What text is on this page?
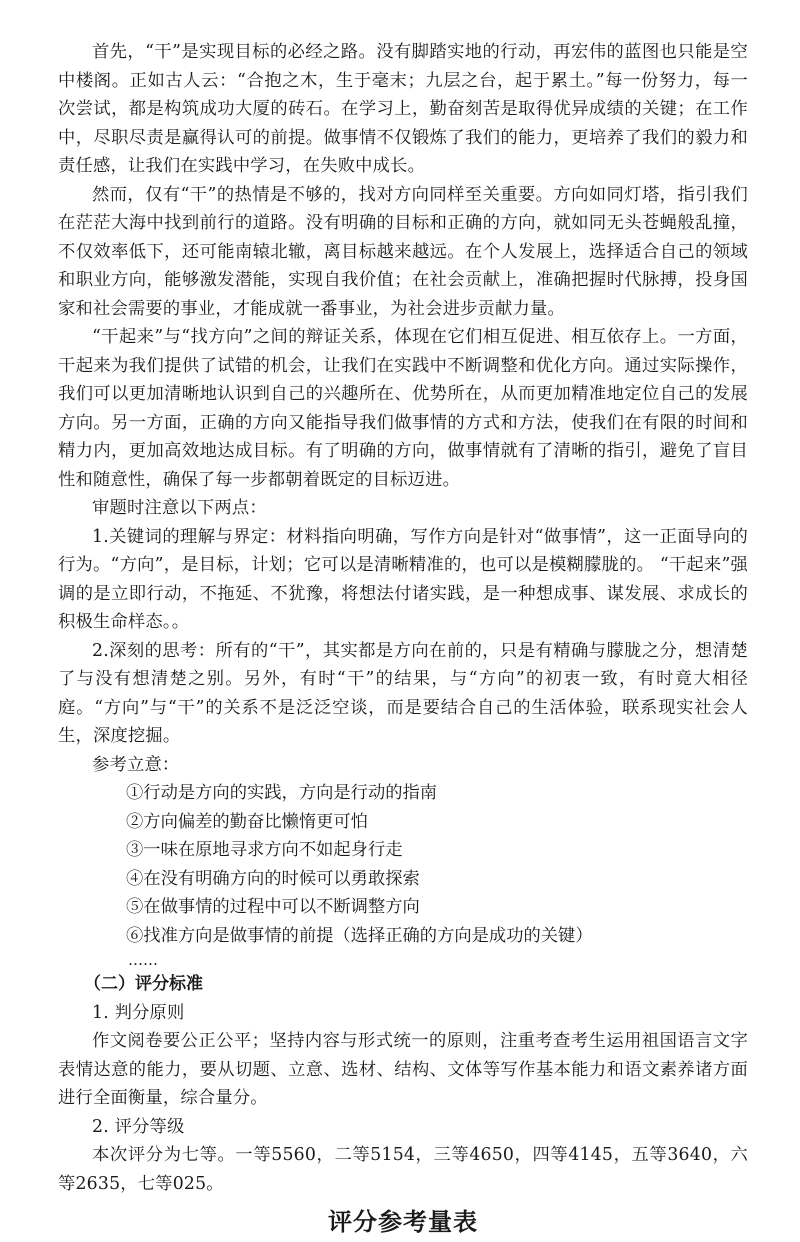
首先，“干”是实现目标的必经之路。没有脚踏实地的行动，再宏伟的蓝图也只能是空中楼阁。正如古人云：“合抱之木，生于毫末；九层之台，起于累土。”每一份努力，每一次尝试，都是构筑成功大厦的砖石。在学习上，勤奋刻苦是取得优异成绩的关键；在工作中，尽职尽责是赢得认可的前提。做事情不仅锻炼了我们的能力，更培养了我们的毅力和责任感，让我们在实践中学习，在失败中成长。

然而，仅有“干”的热情是不够的，找对方向同样至关重要。方向如同灯塔，指引我们在茫茫大海中找到前行的道路。没有明确的目标和正确的方向，就如同无头苍蝇般乱撞，不仅效率低下，还可能南辕北辙，离目标越来越远。在个人发展上，选择适合自己的领域和职业方向，能够激发潜能，实现自我价值；在社会贡献上，准确把握时代脉搏，投身国家和社会需要的事业，才能成就一番事业，为社会进步贡献力量。

“干起来”与“找方向”之间的辩证关系，体现在它们相互促进、相互依存上。一方面，干起来为我们提供了试错的机会，让我们在实践中不断调整和优化方向。通过实际操作，我们可以更加清晰地认识到自己的兴趣所在、优势所在，从而更加精准地定位自己的发展方向。另一方面，正确的方向又能指导我们做事情的方式和方法，使我们在有限的时间和精力内，更加高效地达成目标。有了明确的方向，做事情就有了清晰的指引，避免了盲目性和随意性，确保了每一步都朝着既定的目标迈进。

审题时注意以下两点：

1.关键词的理解与界定：材料指向明确，写作方向是针对“做事情”，这一正面导向的行为。“方向”，是目标，计划；它可以是清晰精准的，也可以是模糊朦胧的。 “干起来”强调的是立即行动，不拖延、不犹豫，将想法付诸实践，是一种想成事、谋发展、求成长的积极生命样态。。

2.深刻的思考：所有的“干”，其实都是方向在前的，只是有精确与朦胧之分，想清楚了与没有想清楚之别。另外，有时“干”的结果，与“方向”的初衷一致，有时竟大相径庭。“方向”与“干”的关系不是泛泛空谈，而是要结合自己的生活体验，联系现实社会人生，深度挖掘。

参考立意：

①行动是方向的实践，方向是行动的指南
②方向偏差的勤奋比懒惰更可怕
③一味在原地寻求方向不如起身行走
④在没有明确方向的时候可以勇敢探索
⑤在做事情的过程中可以不断调整方向
⑥找准方向是做事情的前提（选择正确的方向是成功的关键）
……
（二）评分标准

1. 判分原则

作文阅卷要公正公平；坚持内容与形式统一的原则，注重考查考生运用祖国语言文字表情达意的能力，要从切题、立意、选材、结构、文体等写作基本能力和语文素养诸方面进行全面衡量，综合量分。

2. 评分等级

本次评分为七等。一等5560，二等5154，三等4650，四等4145，五等3640，六等2635，七等025。

评分参考量表
